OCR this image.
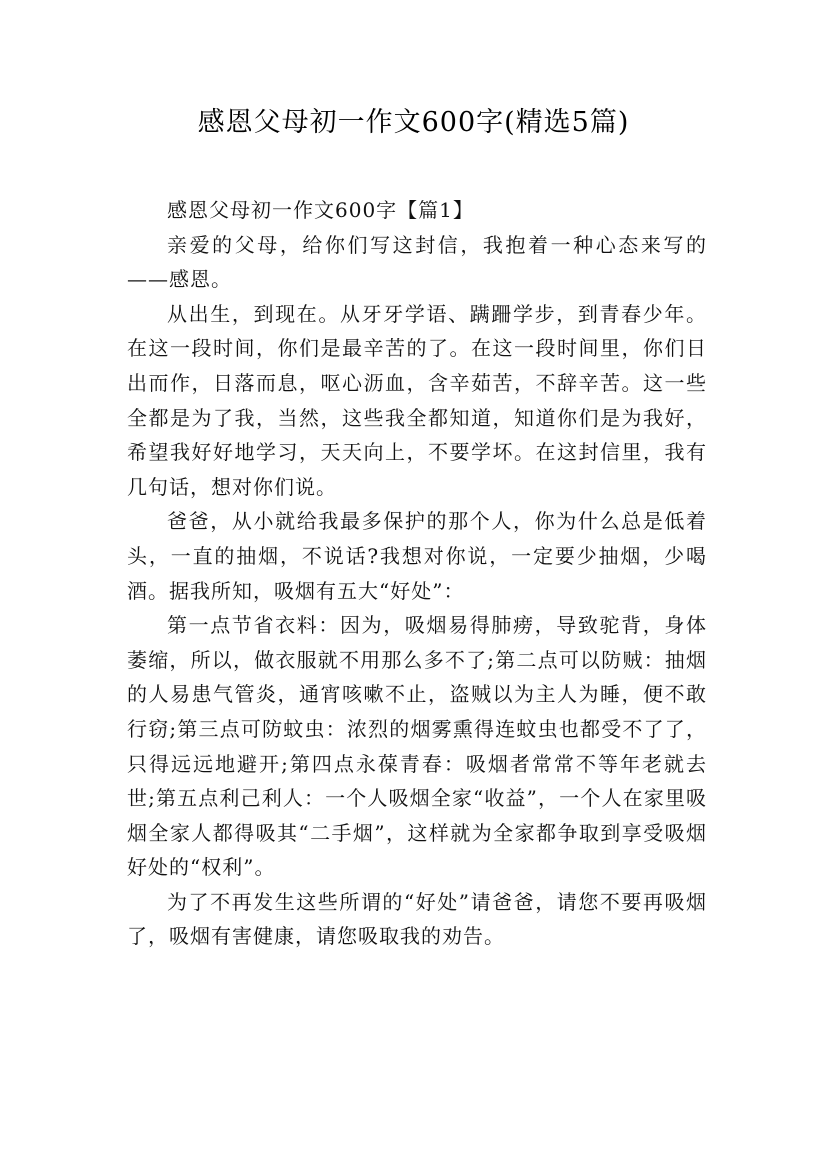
感恩父母初一作文600字(精选5篇)

感恩父母初一作文600字【篇1】

亲爱的父母，给你们写这封信，我抱着一种心态来写的——感恩。

从出生，到现在。从牙牙学语、蹒跚学步，到青春少年。在这一段时间，你们是最辛苦的了。在这一段时间里，你们日出而作，日落而息，呕心沥血，含辛茹苦，不辞辛苦。这一些全都是为了我，当然，这些我全都知道，知道你们是为我好，希望我好好地学习，天天向上，不要学坏。在这封信里，我有几句话，想对你们说。

爸爸，从小就给我最多保护的那个人，你为什么总是低着头，一直的抽烟，不说话?我想对你说，一定要少抽烟，少喝酒。据我所知，吸烟有五大“好处”：

第一点节省衣料：因为，吸烟易得肺痨，导致驼背，身体萎缩，所以，做衣服就不用那么多不了;第二点可以防贼：抽烟的人易患气管炎，通宵咳嗽不止，盗贼以为主人为睡，便不敢行窃;第三点可防蚊虫：浓烈的烟雾熏得连蚊虫也都受不了了，只得远远地避开;第四点永葆青春：吸烟者常常不等年老就去世;第五点利己利人：一个人吸烟全家“收益”，一个人在家里吸烟全家人都得吸其“二手烟”，这样就为全家都争取到享受吸烟好处的“权利”。

为了不再发生这些所谓的“好处”请爸爸，请您不要再吸烟了，吸烟有害健康，请您吸取我的劝告。
